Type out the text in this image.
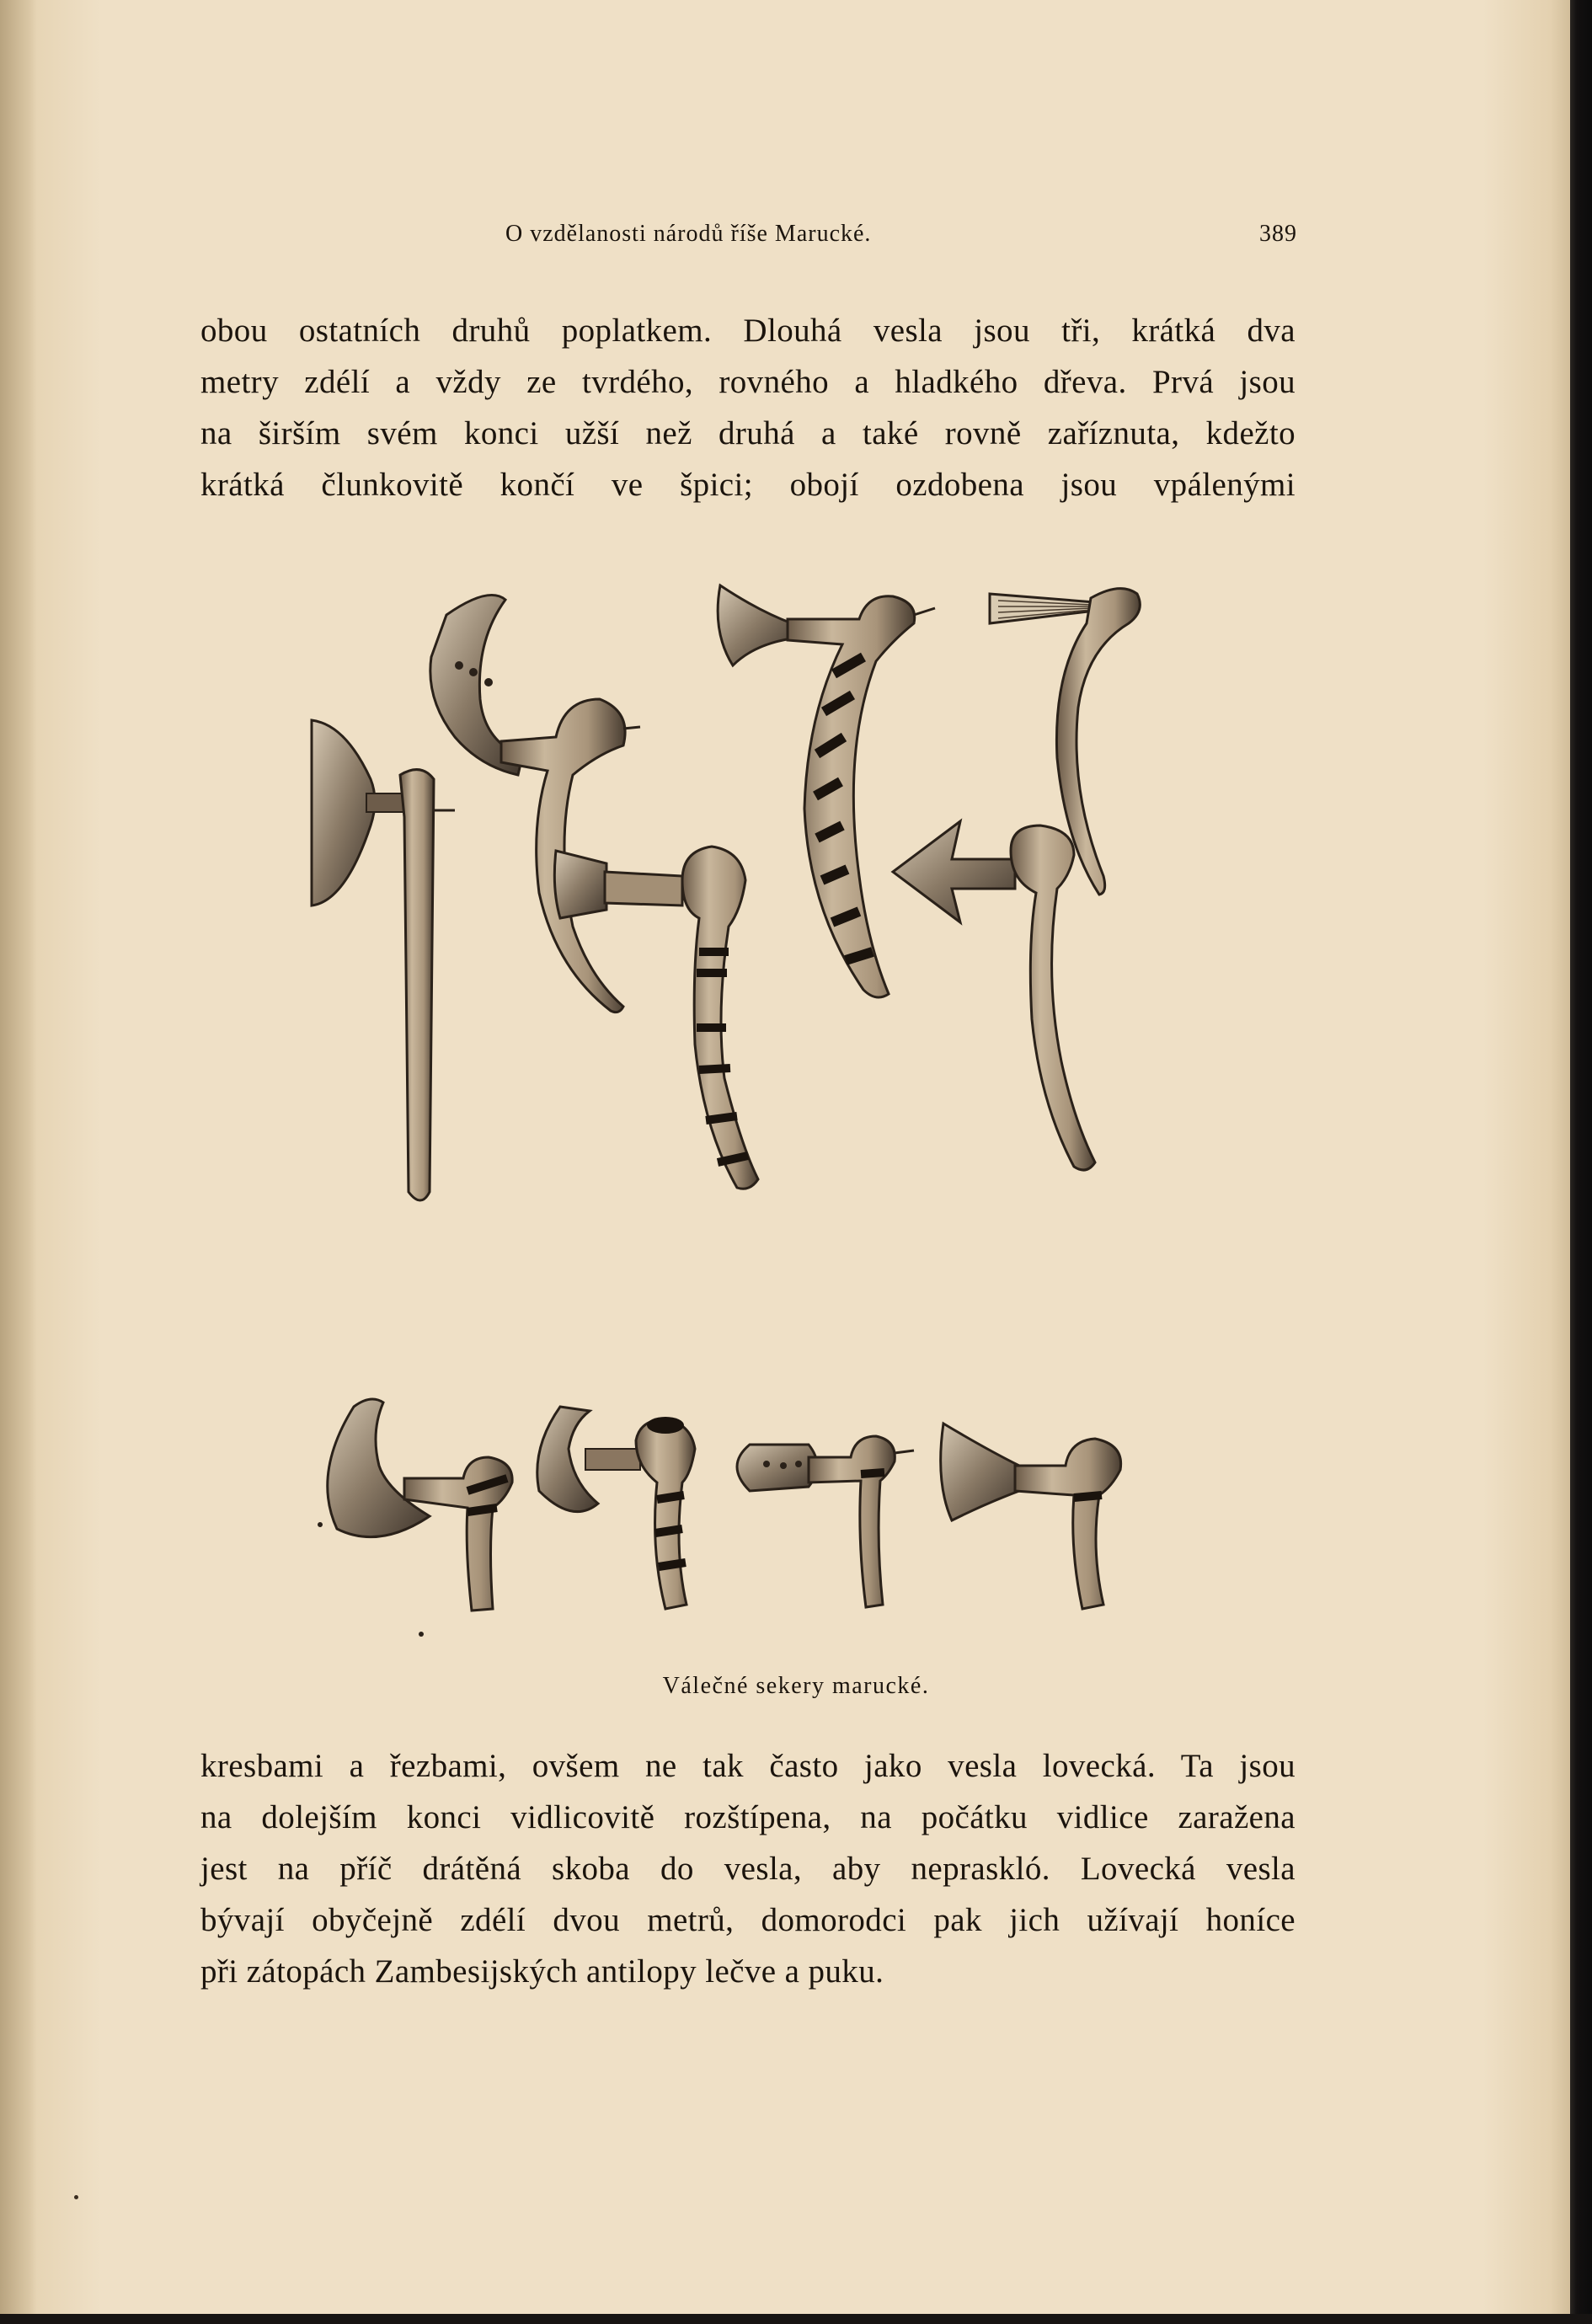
O vzdělanosti národů říše Marucké.	389
obou ostatních druhů poplatkem. Dlouhá vesla jsou tři, krátká dva
metry zdélí a vždy ze tvrdého, rovného a hladkého dřeva. Prvá jsou
na širším svém konci užší než druhá a také rovně zaříznuta, kdežto
krátká člunkovitě končí ve špici; obojí ozdobena jsou vpálenými
Válečné sekery marucké.
kresbami a řezbami, ovšem ne tak často jako vesla lovecká. Ta jsou
na dolejším konci vidlicovitě rozštípena, na počátku vidlice zaražena
jest na příč drátěná skoba do vesla, aby nepraskló. Lovecká vesla
bývají obyčejně zdélí dvou metrů, domorodci pak jich užívají honíce
při zátopách Zambesijských antilopy lečve a puku.
